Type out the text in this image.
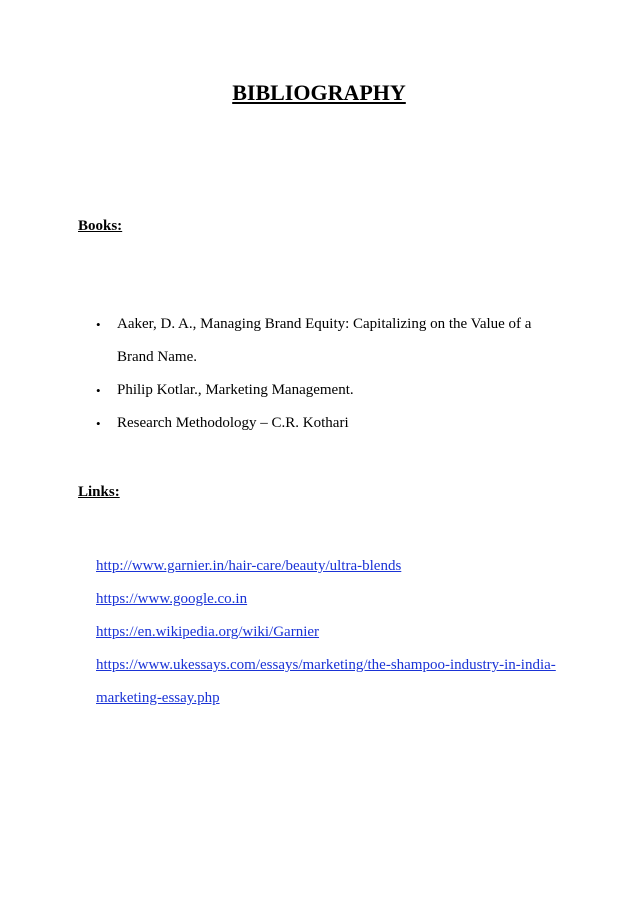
BIBLIOGRAPHY
Books:
• Aaker, D. A., Managing Brand Equity: Capitalizing on the Value of a Brand Name.
• Philip Kotlar., Marketing Management.
• Research Methodology – C.R. Kothari
Links:
http://www.garnier.in/hair-care/beauty/ultra-blends
https://www.google.co.in
https://en.wikipedia.org/wiki/Garnier
https://www.ukessays.com/essays/marketing/the-shampoo-industry-in-india-marketing-essay.php
